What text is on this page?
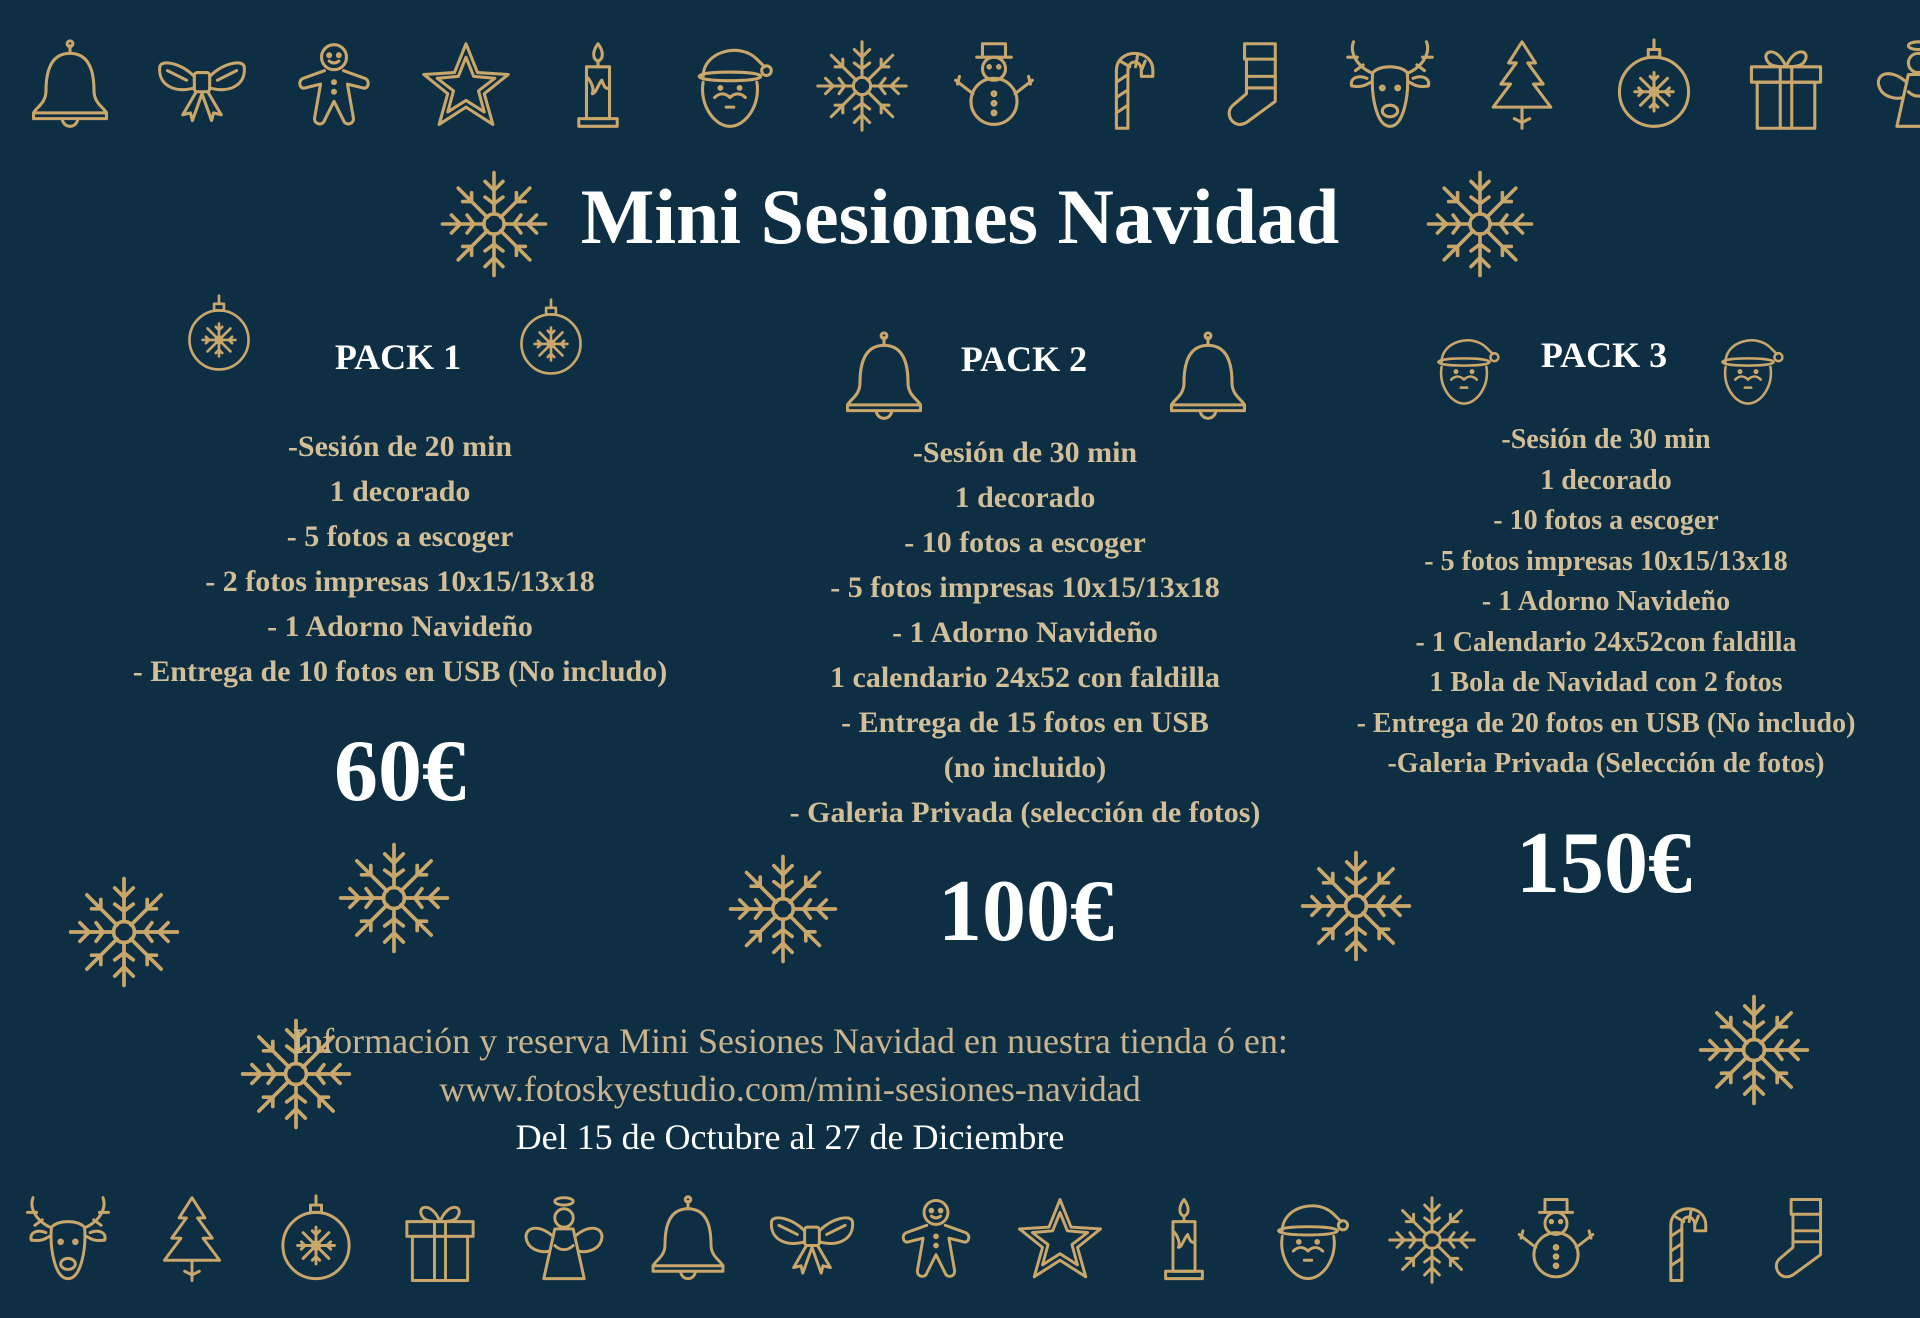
Mini Sesiones Navidad
PACK 1
-Sesión de 20 min
1 decorado
- 5 fotos a escoger
- 2 fotos impresas 10x15/13x18
- 1 Adorno Navideño
- Entrega de 10 fotos en USB (No includo)
60€
PACK 2
-Sesión de 30 min
1 decorado
- 10 fotos a escoger
- 5 fotos impresas 10x15/13x18
- 1 Adorno Navideño
1 calendario 24x52 con faldilla
- Entrega de 15 fotos en USB
(no incluido)
- Galeria Privada (selección de fotos)
100€
PACK 3
-Sesión de 30 min
1 decorado
- 10 fotos a escoger
- 5 fotos impresas 10x15/13x18
- 1 Adorno Navideño
- 1 Calendario 24x52con faldilla
1 Bola de Navidad con 2 fotos
- Entrega de 20 fotos en USB (No includo)
-Galeria Privada (Selección de fotos)
150€
Información y reserva Mini Sesiones Navidad en nuestra tienda ó en:
www.fotoskyestudio.com/mini-sesiones-navidad
Del 15 de Octubre al 27 de Diciembre
